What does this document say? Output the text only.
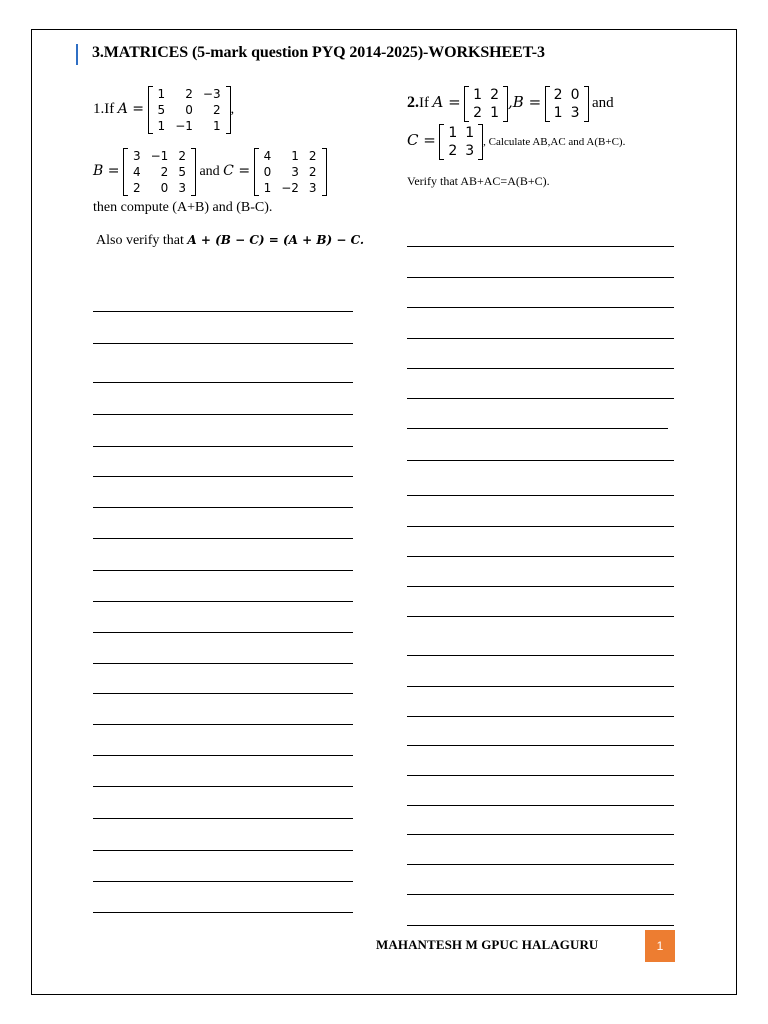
3.MATRICES (5-mark question PYQ 2014-2025)-WORKSHEET-3
1.If A =
1	2	−3
5	0	2
1	−1	1
,
B =
3	−1	2
4	2	5
2	0	3
and C =
4	1	2
0	3	2
1	−2	3
then compute (A+B) and (B-C).
Also verify that A + (B − C) = (A + B) − C.
2.If A = 1	2
2	1
,B = 2	0
1	3
and
C = 1	1
2	3
, Calculate AB,AC and A(B+C).
Verify that AB+AC=A(B+C).
MAHANTESH M GPUC HALAGURU	1
